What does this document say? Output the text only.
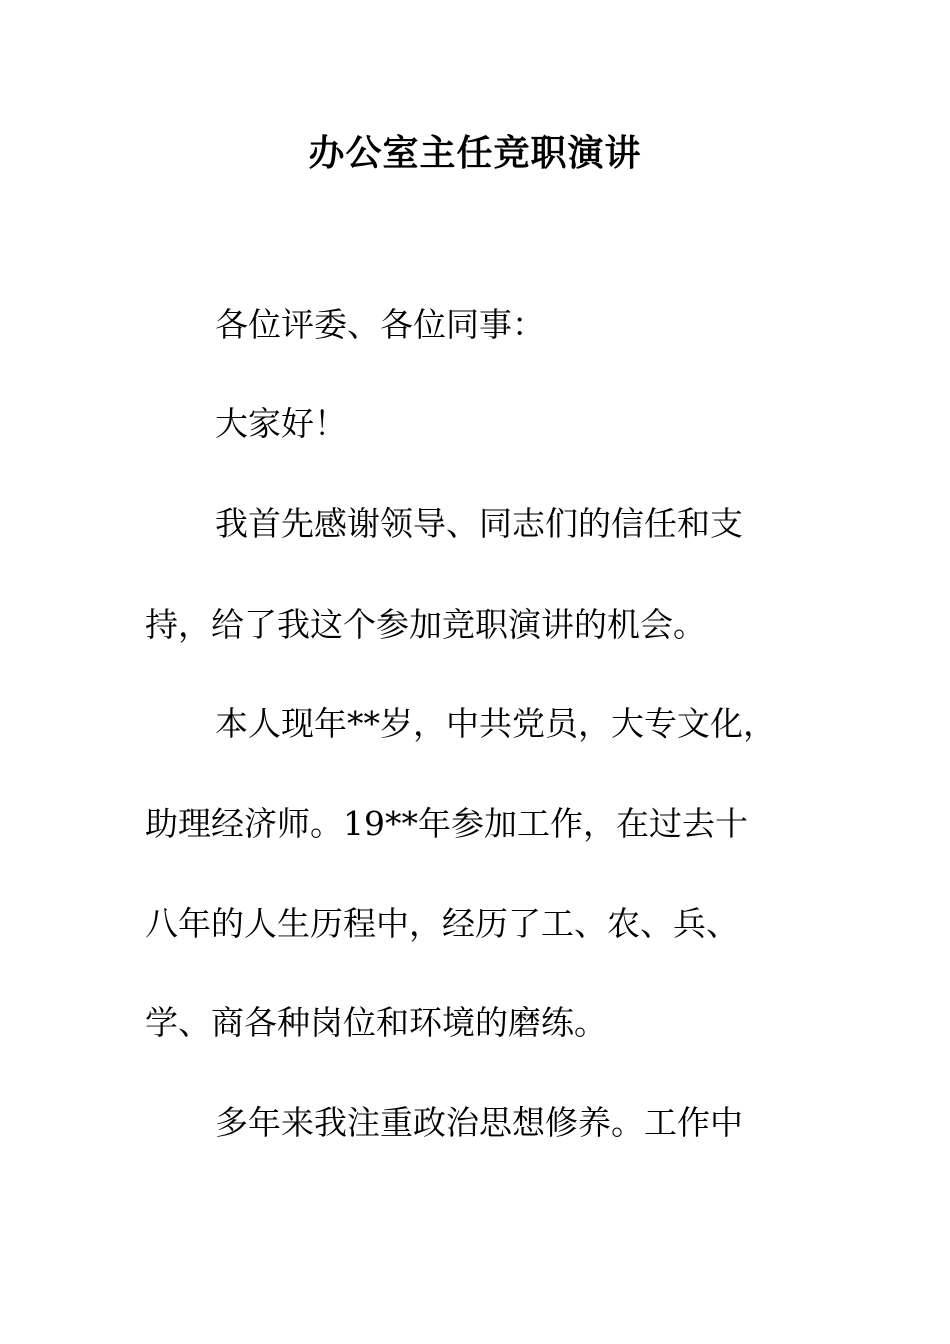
办公室主任竞职演讲
各位评委、各位同事：
大家好！
我首先感谢领导、同志们的信任和支
持，给了我这个参加竞职演讲的机会。
本人现年**岁，中共党员，大专文化，
助理经济师。19**年参加工作，在过去十
八年的人生历程中，经历了工、农、兵、
学、商各种岗位和环境的磨练。
多年来我注重政治思想修养。工作中
